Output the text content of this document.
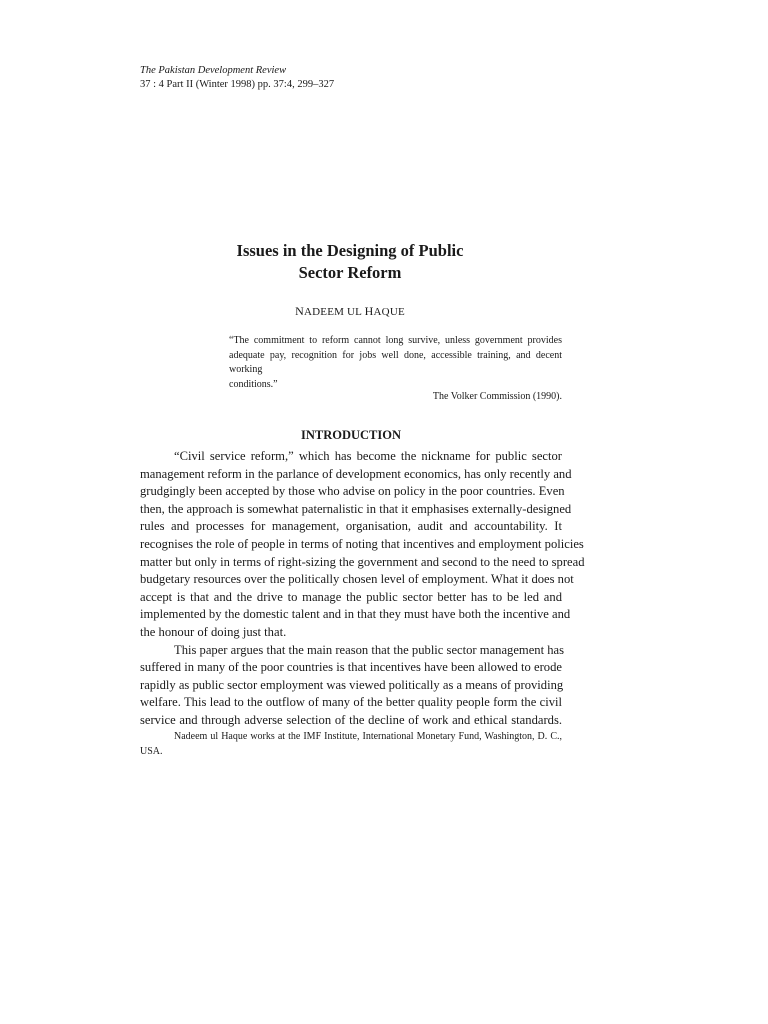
The Pakistan Development Review
37 : 4 Part II (Winter 1998) pp. 37:4, 299–327
Issues in the Designing of Public
Sector Reform
NADEEM UL HAQUE
“The commitment to reform cannot long survive, unless government provides
adequate pay, recognition for jobs well done, accessible training, and decent working
conditions.”
The Volker Commission (1990).
INTRODUCTION
“Civil service reform,” which has become the nickname for public sector
management reform in the parlance of development economics, has only recently and
grudgingly been accepted by those who advise on policy in the poor countries. Even
then, the approach is somewhat paternalistic in that it emphasises externally-designed
rules and processes for management, organisation, audit and accountability. It
recognises the role of people in terms of noting that incentives and employment policies
matter but only in terms of right-sizing the government and second to the need to spread
budgetary resources over the politically chosen level of employment. What it does not
accept is that and the drive to manage the public sector better has to be led and
implemented by the domestic talent and in that they must have both the incentive and
the honour of doing just that.
This paper argues that the main reason that the public sector management has
suffered in many of the poor countries is that incentives have been allowed to erode
rapidly as public sector employment was viewed politically as a means of providing
welfare. This lead to the outflow of many of the better quality people form the civil
service and through adverse selection of the decline of work and ethical standards.
Nadeem ul Haque works at the IMF Institute, International Monetary Fund, Washington, D. C.,
USA.
